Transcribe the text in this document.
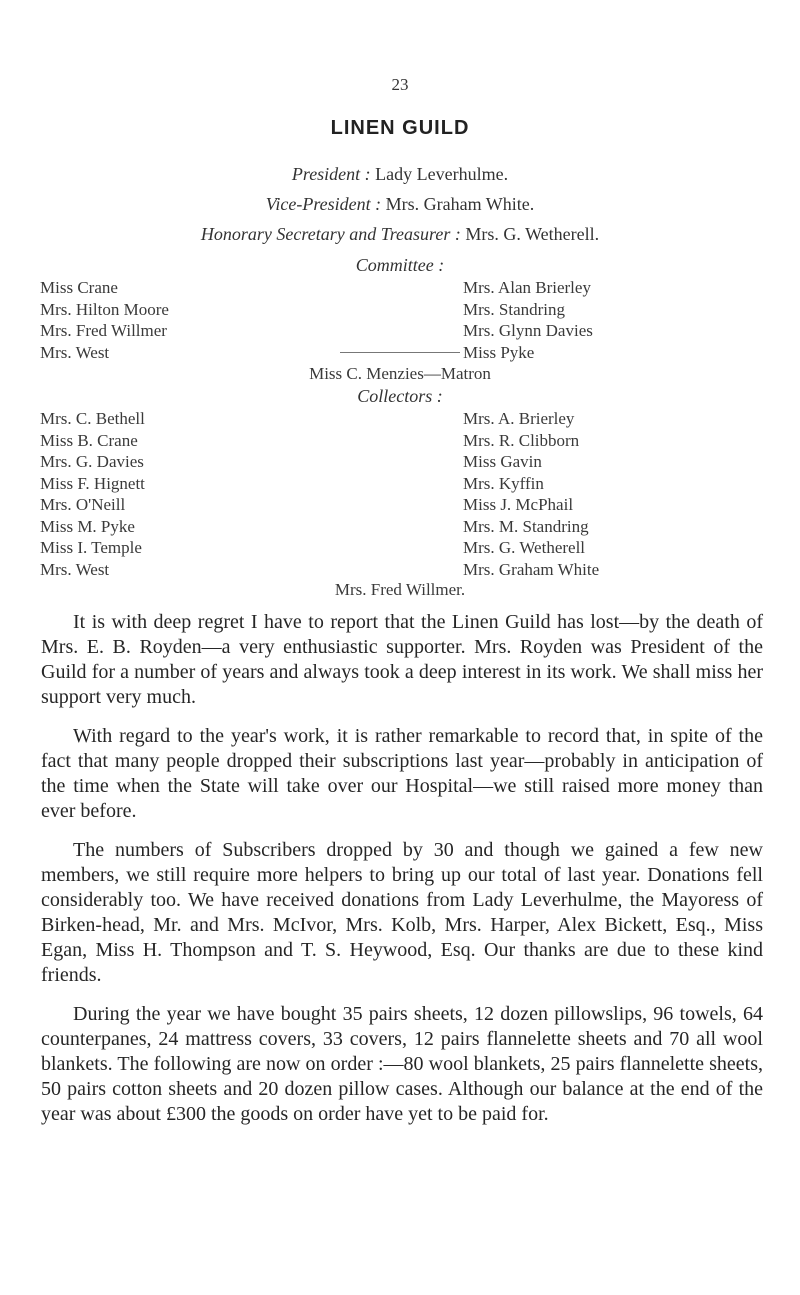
23
LINEN GUILD
President : Lady Leverhulme.
Vice-President : Mrs. Graham White.
Honorary Secretary and Treasurer : Mrs. G. Wetherell.
Committee :
Miss Crane
Mrs. Hilton Moore
Mrs. Fred Willmer
Mrs. West
Mrs. Alan Brierley
Mrs. Standring
Mrs. Glynn Davies
Miss Pyke
Miss C. Menzies—Matron
Collectors :
Mrs. C. Bethell
Miss B. Crane
Mrs. G. Davies
Miss F. Hignett
Mrs. O'Neill
Miss M. Pyke
Miss I. Temple
Mrs. West
Mrs. A. Brierley
Mrs. R. Clibborn
Miss Gavin
Mrs. Kyffin
Miss J. McPhail
Mrs. M. Standring
Mrs. G. Wetherell
Mrs. Graham White
Mrs. Fred Willmer.

It is with deep regret I have to report that the Linen Guild has lost—by the death of Mrs. E. B. Royden—a very enthusiastic supporter. Mrs. Royden was President of the Guild for a number of years and always took a deep interest in its work. We shall miss her support very much.

With regard to the year's work, it is rather remarkable to record that, in spite of the fact that many people dropped their subscriptions last year—probably in anticipation of the time when the State will take over our Hospital—we still raised more money than ever before.

The numbers of Subscribers dropped by 30 and though we gained a few new members, we still require more helpers to bring up our total of last year. Donations fell considerably too. We have received donations from Lady Leverhulme, the Mayoress of Birken-head, Mr. and Mrs. McIvor, Mrs. Kolb, Mrs. Harper, Alex Bickett, Esq., Miss Egan, Miss H. Thompson and T. S. Heywood, Esq. Our thanks are due to these kind friends.

During the year we have bought 35 pairs sheets, 12 dozen pillowslips, 96 towels, 64 counterpanes, 24 mattress covers, 33 covers, 12 pairs flannelette sheets and 70 all wool blankets. The following are now on order :—80 wool blankets, 25 pairs flannelette sheets, 50 pairs cotton sheets and 20 dozen pillow cases. Although our balance at the end of the year was about £300 the goods on order have yet to be paid for.
